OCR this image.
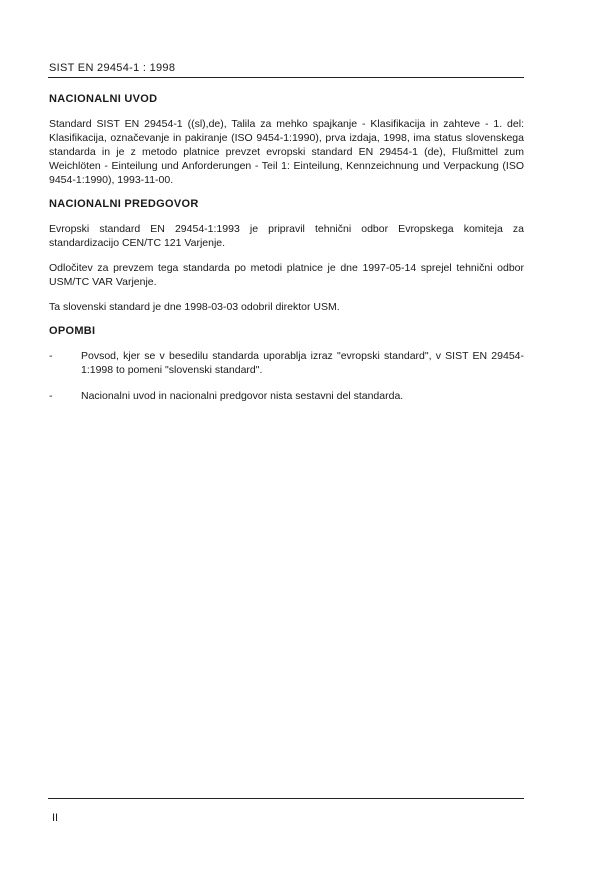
SIST EN 29454-1 : 1998
NACIONALNI UVOD

Standard SIST EN 29454-1 ((sl),de), Talila za mehko spajkanje - Klasifikacija in zahteve - 1. del: Klasifikacija, označevanje in pakiranje (ISO 9454-1:1990), prva izdaja, 1998, ima status slovenskega standarda in je z metodo platnice prevzet evropski standard EN 29454-1 (de), Flußmittel zum Weichlöten - Einteilung und Anforderungen - Teil 1: Einteilung, Kennzeichnung und Verpackung (ISO 9454-1:1990), 1993-11-00.

NACIONALNI PREDGOVOR

Evropski standard EN 29454-1:1993 je pripravil tehnični odbor Evropskega komiteja za standardizacijo CEN/TC 121 Varjenje.

Odločitev za prevzem tega standarda po metodi platnice je dne 1997-05-14 sprejel tehnični odbor USM/TC VAR Varjenje.

Ta slovenski standard je dne 1998-03-03 odobril direktor USM.

OPOMBI
-	Povsod, kjer se v besedilu standarda uporablja izraz "evropski standard", v SIST EN 29454-1:1998 to pomeni "slovenski standard".
-	Nacionalni uvod in nacionalni predgovor nista sestavni del standarda.
II
